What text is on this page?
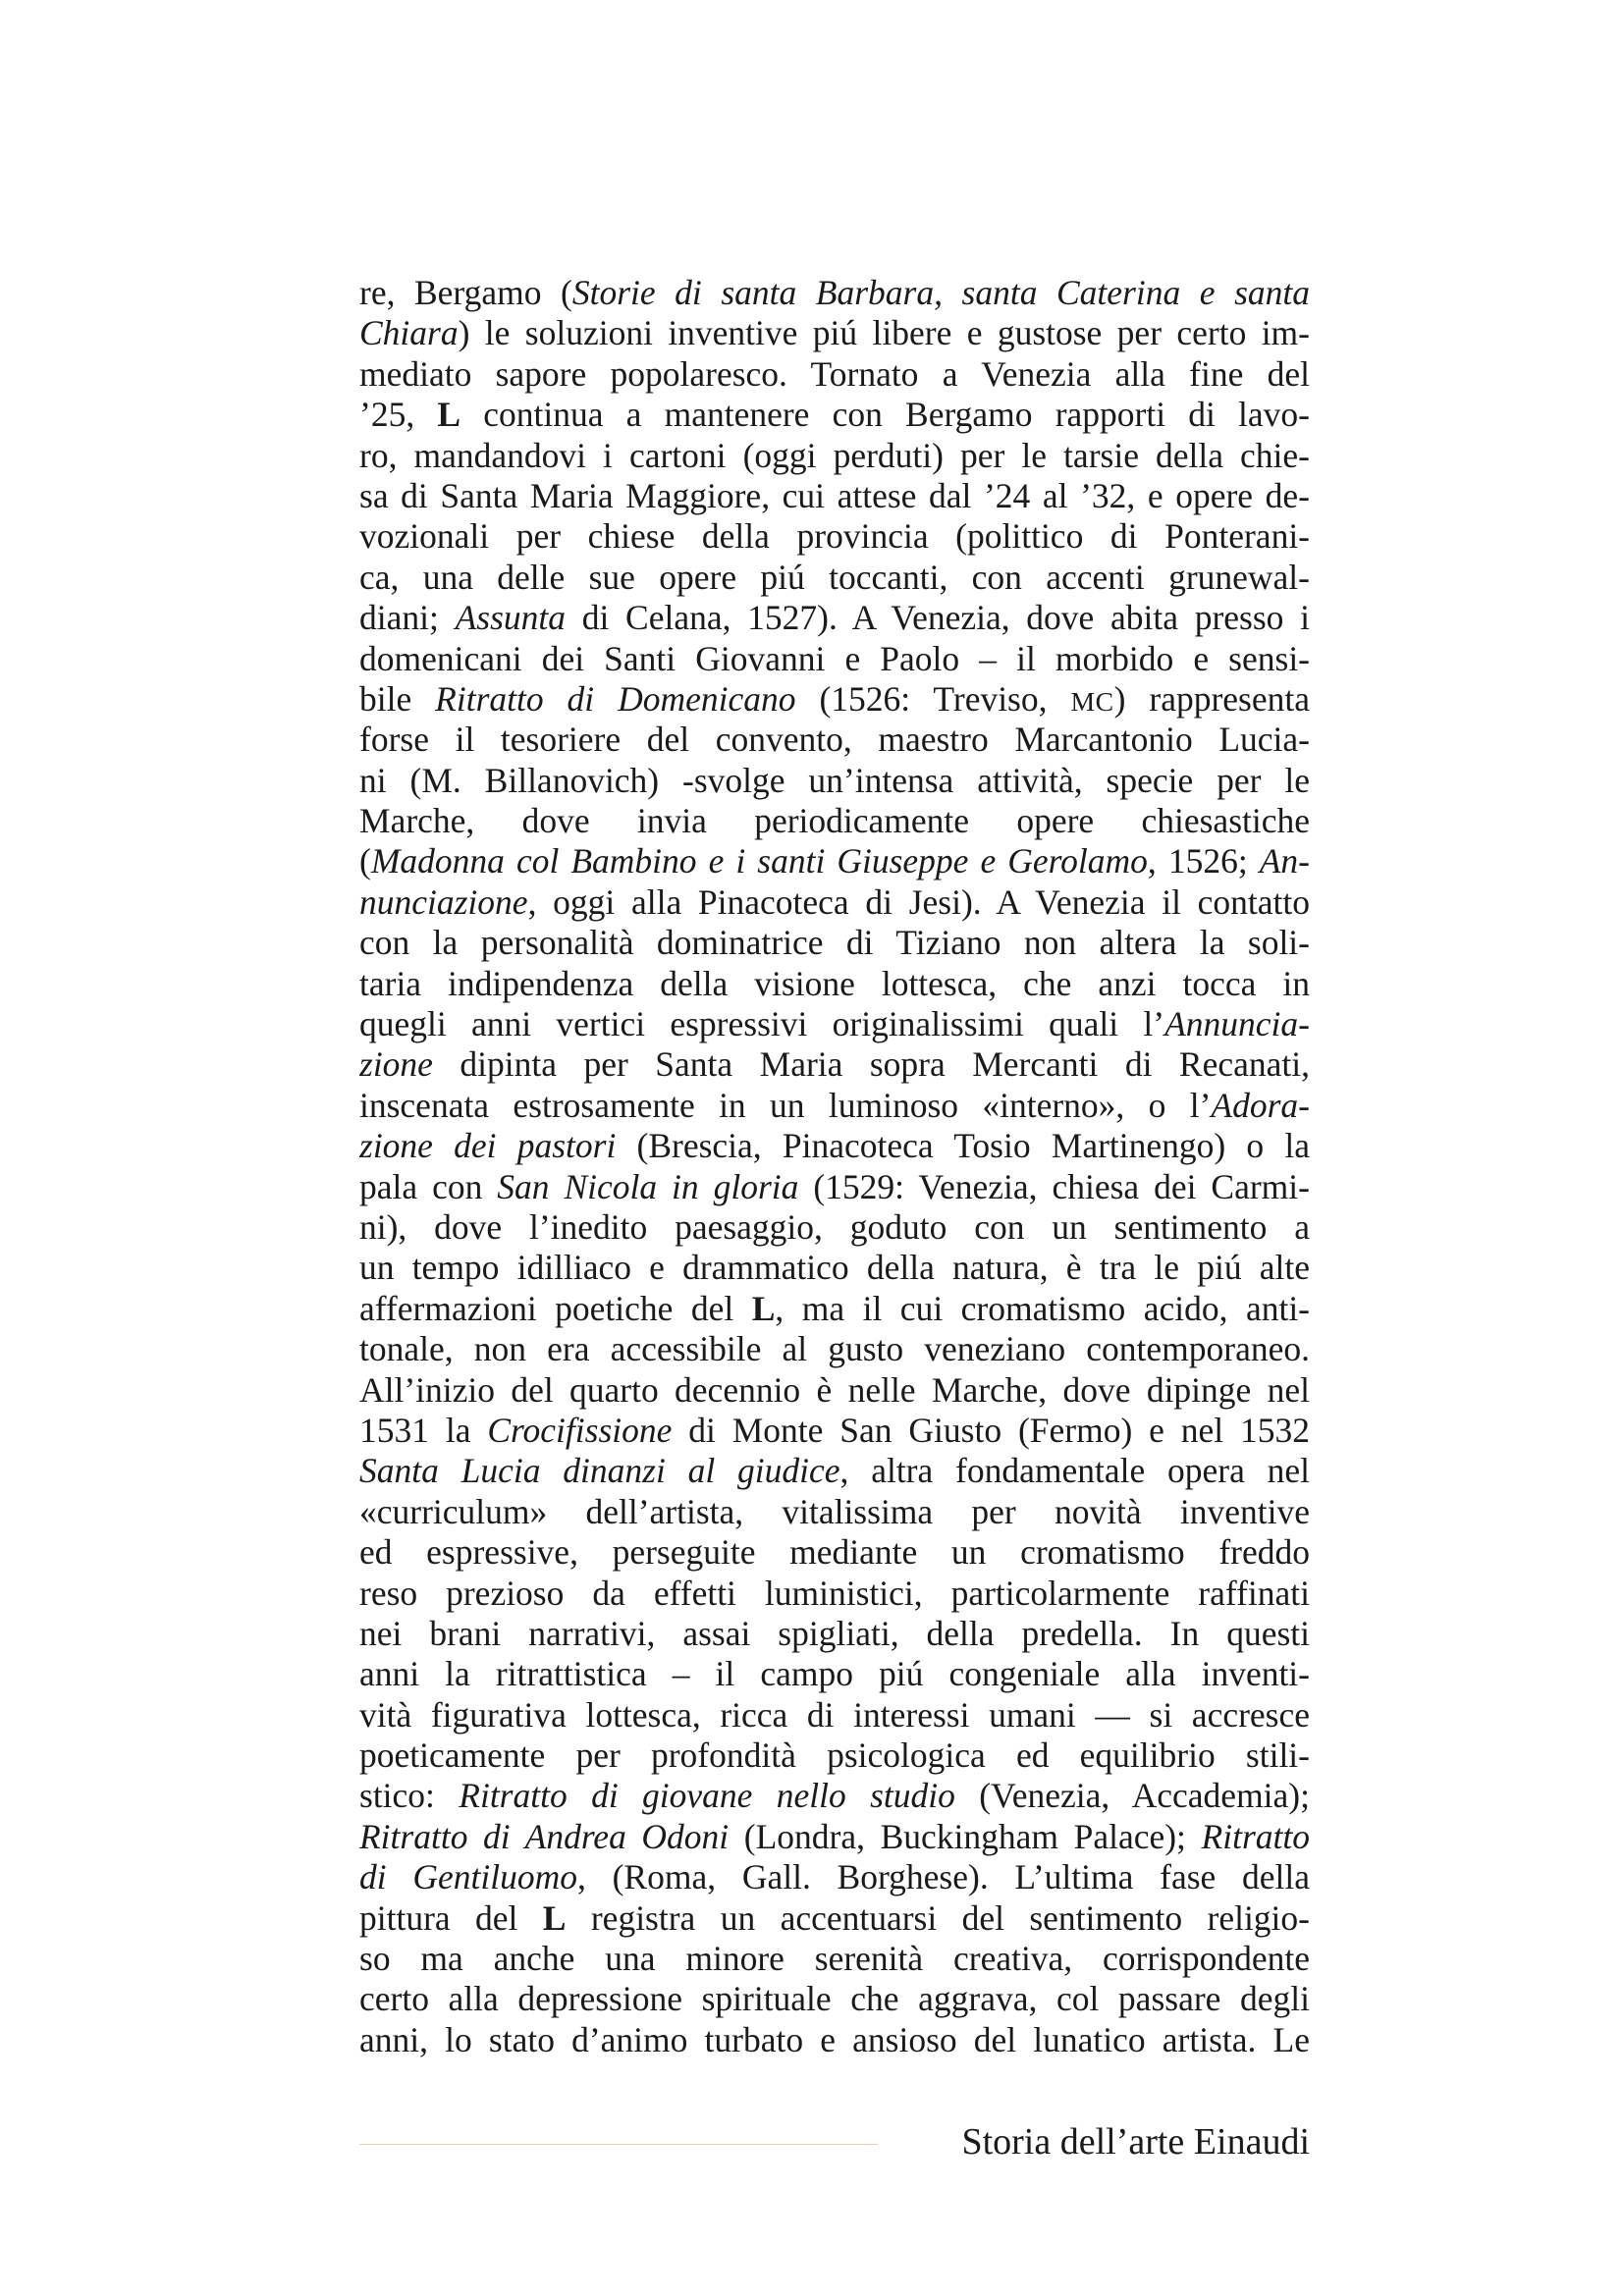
re, Bergamo (Storie di santa Barbara, santa Caterina e santa
Chiara) le soluzioni inventive piú libere e gustose per certo im-
mediato sapore popolaresco. Tornato a Venezia alla fine del
’25, L continua a mantenere con Bergamo rapporti di lavo-
ro, mandandovi i cartoni (oggi perduti) per le tarsie della chie-
sa di Santa Maria Maggiore, cui attese dal ’24 al ’32, e opere de-
vozionali per chiese della provincia (polittico di Ponterani-
ca, una delle sue opere piú toccanti, con accenti grunewal-
diani; Assunta di Celana, 1527). A Venezia, dove abita presso i
domenicani dei Santi Giovanni e Paolo – il morbido e sensi-
bile Ritratto di Domenicano (1526: Treviso, MC) rappresenta
forse il tesoriere del convento, maestro Marcantonio Lucia-
ni (M. Billanovich) -svolge un’intensa attività, specie per le
Marche, dove invia periodicamente opere chiesastiche
(Madonna col Bambino e i santi Giuseppe e Gerolamo, 1526; An-
nunciazione, oggi alla Pinacoteca di Jesi). A Venezia il contatto
con la personalità dominatrice di Tiziano non altera la soli-
taria indipendenza della visione lottesca, che anzi tocca in
quegli anni vertici espressivi originalissimi quali l’Annuncia-
zione dipinta per Santa Maria sopra Mercanti di Recanati,
inscenata estrosamente in un luminoso «interno», o l’Adora-
zione dei pastori (Brescia, Pinacoteca Tosio Martinengo) o la
pala con San Nicola in gloria (1529: Venezia, chiesa dei Carmi-
ni), dove l’inedito paesaggio, goduto con un sentimento a
un tempo idilliaco e drammatico della natura, è tra le piú alte
affermazioni poetiche del L, ma il cui cromatismo acido, anti-
tonale, non era accessibile al gusto veneziano contemporaneo.
All’inizio del quarto decennio è nelle Marche, dove dipinge nel
1531 la Crocifissione di Monte San Giusto (Fermo) e nel 1532
Santa Lucia dinanzi al giudice, altra fondamentale opera nel
«curriculum» dell’artista, vitalissima per novità inventive
ed espressive, perseguite mediante un cromatismo freddo
reso prezioso da effetti luministici, particolarmente raffinati
nei brani narrativi, assai spigliati, della predella. In questi
anni la ritrattistica – il campo piú congeniale alla inventi-
vità figurativa lottesca, ricca di interessi umani — si accresce
poeticamente per profondità psicologica ed equilibrio stili-
stico: Ritratto di giovane nello studio (Venezia, Accademia);
Ritratto di Andrea Odoni (Londra, Buckingham Palace); Ritratto
di Gentiluomo, (Roma, Gall. Borghese). L’ultima fase della
pittura del L registra un accentuarsi del sentimento religio-
so ma anche una minore serenità creativa, corrispondente
certo alla depressione spirituale che aggrava, col passare degli
anni, lo stato d’animo turbato e ansioso del lunatico artista. Le
Storia dell’arte Einaudi
